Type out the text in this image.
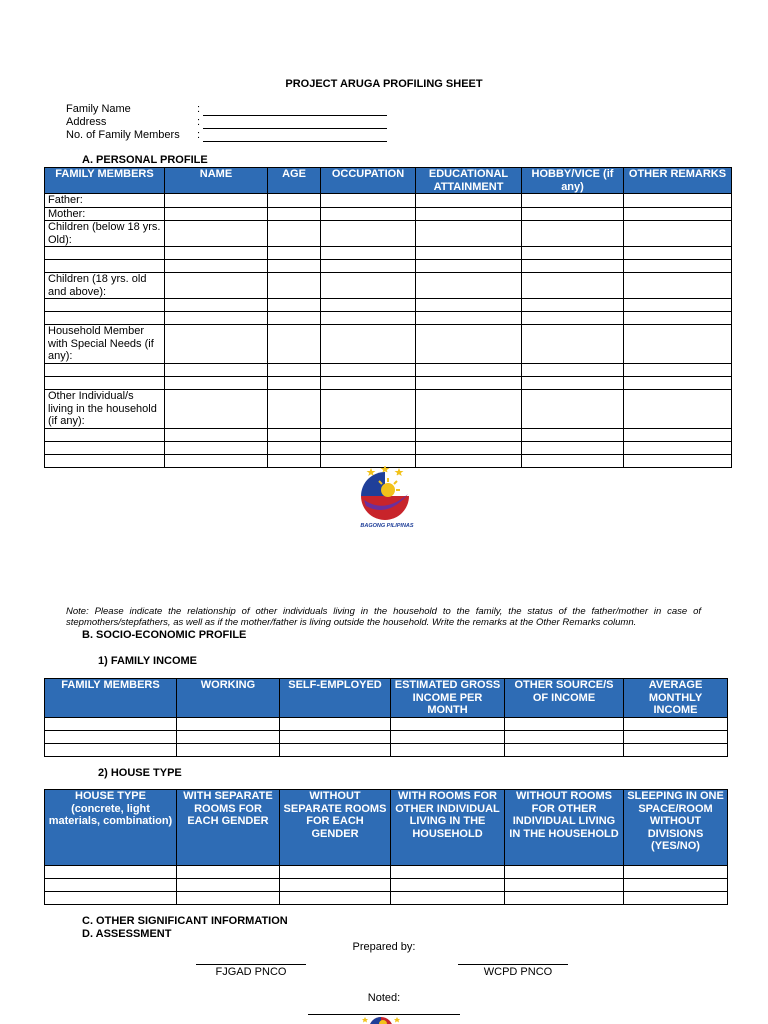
PROJECT ARUGA PROFILING SHEET
Family Name	:
Address	:
No. of Family Members :
A. PERSONAL PROFILE
FAMILY MEMBERS	NAME	AGE	OCCUPATION	EDUCATIONAL ATTAINMENT	HOBBY/VICE (if any)	OTHER REMARKS
Father:						
Mother:						
Children (below 18 yrs. Old):						

Children (18 yrs. old and above):						

Household Member with Special Needs (if any):						

Other Individual/s living in the household (if any):						

BAGONG PILIPINAS
Note: Please indicate the relationship of other individuals living in the household to the family, the status of the father/mother in case of stepmothers/stepfathers, as well as if the mother/father is living outside the household. Write the remarks at the Other Remarks column.
B. SOCIO-ECONOMIC PROFILE
1) FAMILY INCOME
FAMILY MEMBERS	WORKING	SELF-EMPLOYED	ESTIMATED GROSS INCOME PER MONTH	OTHER SOURCE/S OF INCOME	AVERAGE MONTHLY INCOME

2) HOUSE TYPE
HOUSE TYPE (concrete, light materials, combination)	WITH SEPARATE ROOMS FOR EACH GENDER	WITHOUT SEPARATE ROOMS FOR EACH GENDER	WITH ROOMS FOR OTHER INDIVIDUAL LIVING IN THE HOUSEHOLD	WITHOUT ROOMS FOR OTHER INDIVIDUAL LIVING IN THE HOUSEHOLD	SLEEPING IN ONE SPACE/ROOM WITHOUT DIVISIONS (YES/NO)

C. OTHER SIGNIFICANT INFORMATION
D. ASSESSMENT
Prepared by:
FJGAD PNCO	WCPD PNCO
Noted:
